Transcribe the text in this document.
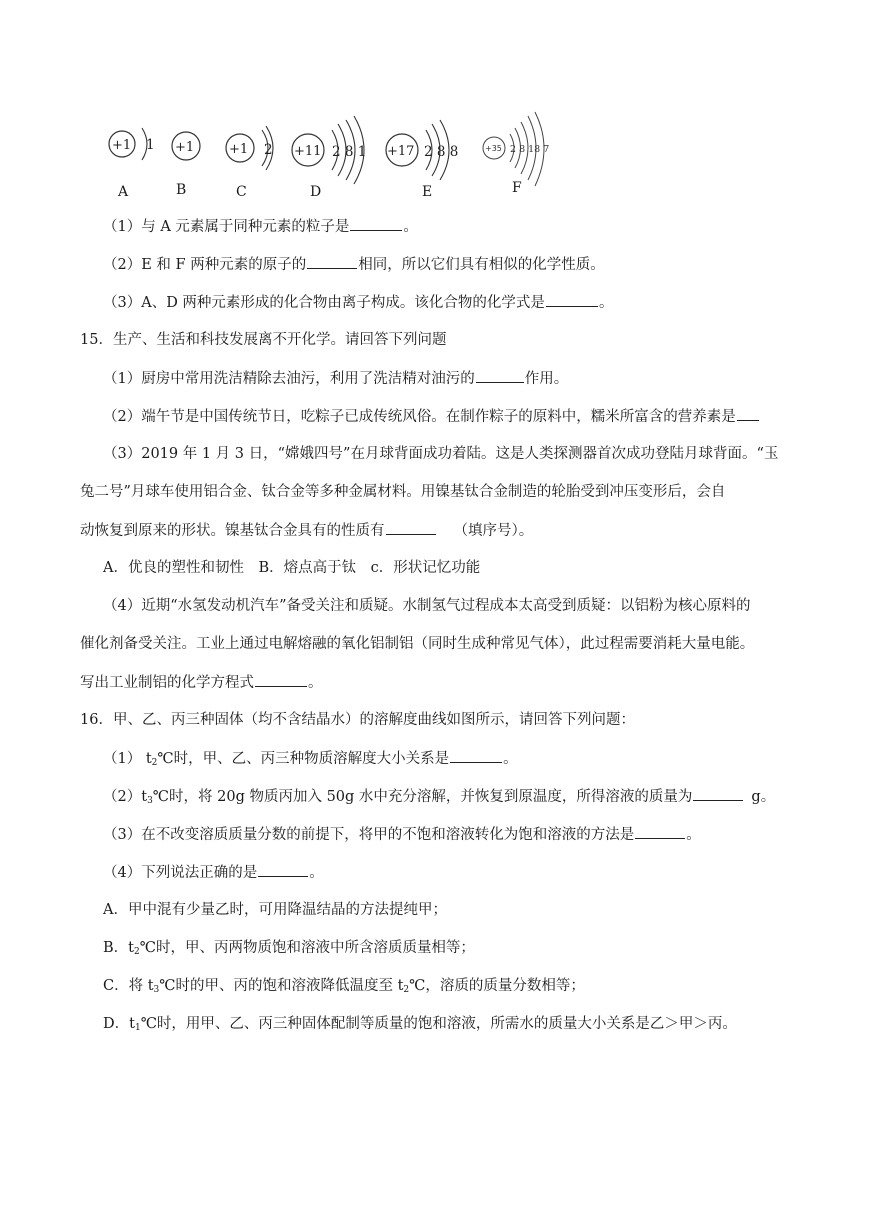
+1 1
A
+1
B
+1 2
C
+11 2 8 1
D
+17 2 8 8
E
+35 2 8 18 7
F
（1）与 A 元素属于同种元素的粒子是	。
（2）E 和 F 两种元素的原子的	相同，所以它们具有相似的化学性质。
（3）A、D 两种元素形成的化合物由离子构成。该化合物的化学式是	。
15．生产、生活和科技发展离不开化学。请回答下列问题
（1）厨房中常用洗洁精除去油污，利用了洗洁精对油污的	作用。
（2）端午节是中国传统节日，吃粽子已成传统风俗。在制作粽子的原料中，糯米所富含的营养素是
（3）2019 年 1 月 3 日，“嫦娥四号”在月球背面成功着陆。这是人类探测器首次成功登陆月球背面。“玉
兔二号”月球车使用铝合金、钛合金等多种金属材料。用镍基钛合金制造的轮胎受到冲压变形后，会自
动恢复到原来的形状。镍基钛合金具有的性质有	（填序号）。
A．优良的塑性和韧性　B．熔点高于钛　c．形状记忆功能
（4）近期“水氢发动机汽车”备受关注和质疑。水制氢气过程成本太高受到质疑：以铝粉为核心原料的
催化剂备受关注。工业上通过电解熔融的氧化铝制铝（同时生成种常见气体），此过程需要消耗大量电能。
写出工业制铝的化学方程式	。
16．甲、乙、丙三种固体（均不含结晶水）的溶解度曲线如图所示，请回答下列问题：
（1） $t_2℃$时，甲、乙、丙三种物质溶解度大小关系是	。
$(2)t_3℃$时，将 20g 物质丙加入 50g 水中充分溶解，并恢复到原温度，所得溶液的质量为	g。
（3）在不改变溶质质量分数的前提下，将甲的不饱和溶液转化为饱和溶液的方法是	。
（4）下列说法正确的是	。
A．甲中混有少量乙时，可用降温结晶的方法提纯甲；
B．$t_2℃$时，甲、丙两物质饱和溶液中所含溶质质量相等；
C．将 $t_3℃$时的甲、丙的饱和溶液降低温度至 $t_2℃$，溶质的质量分数相等；
D．$t_1℃$时，用甲、乙、丙三种固体配制等质量的饱和溶液，所需水的质量大小关系是乙＞甲＞丙。
